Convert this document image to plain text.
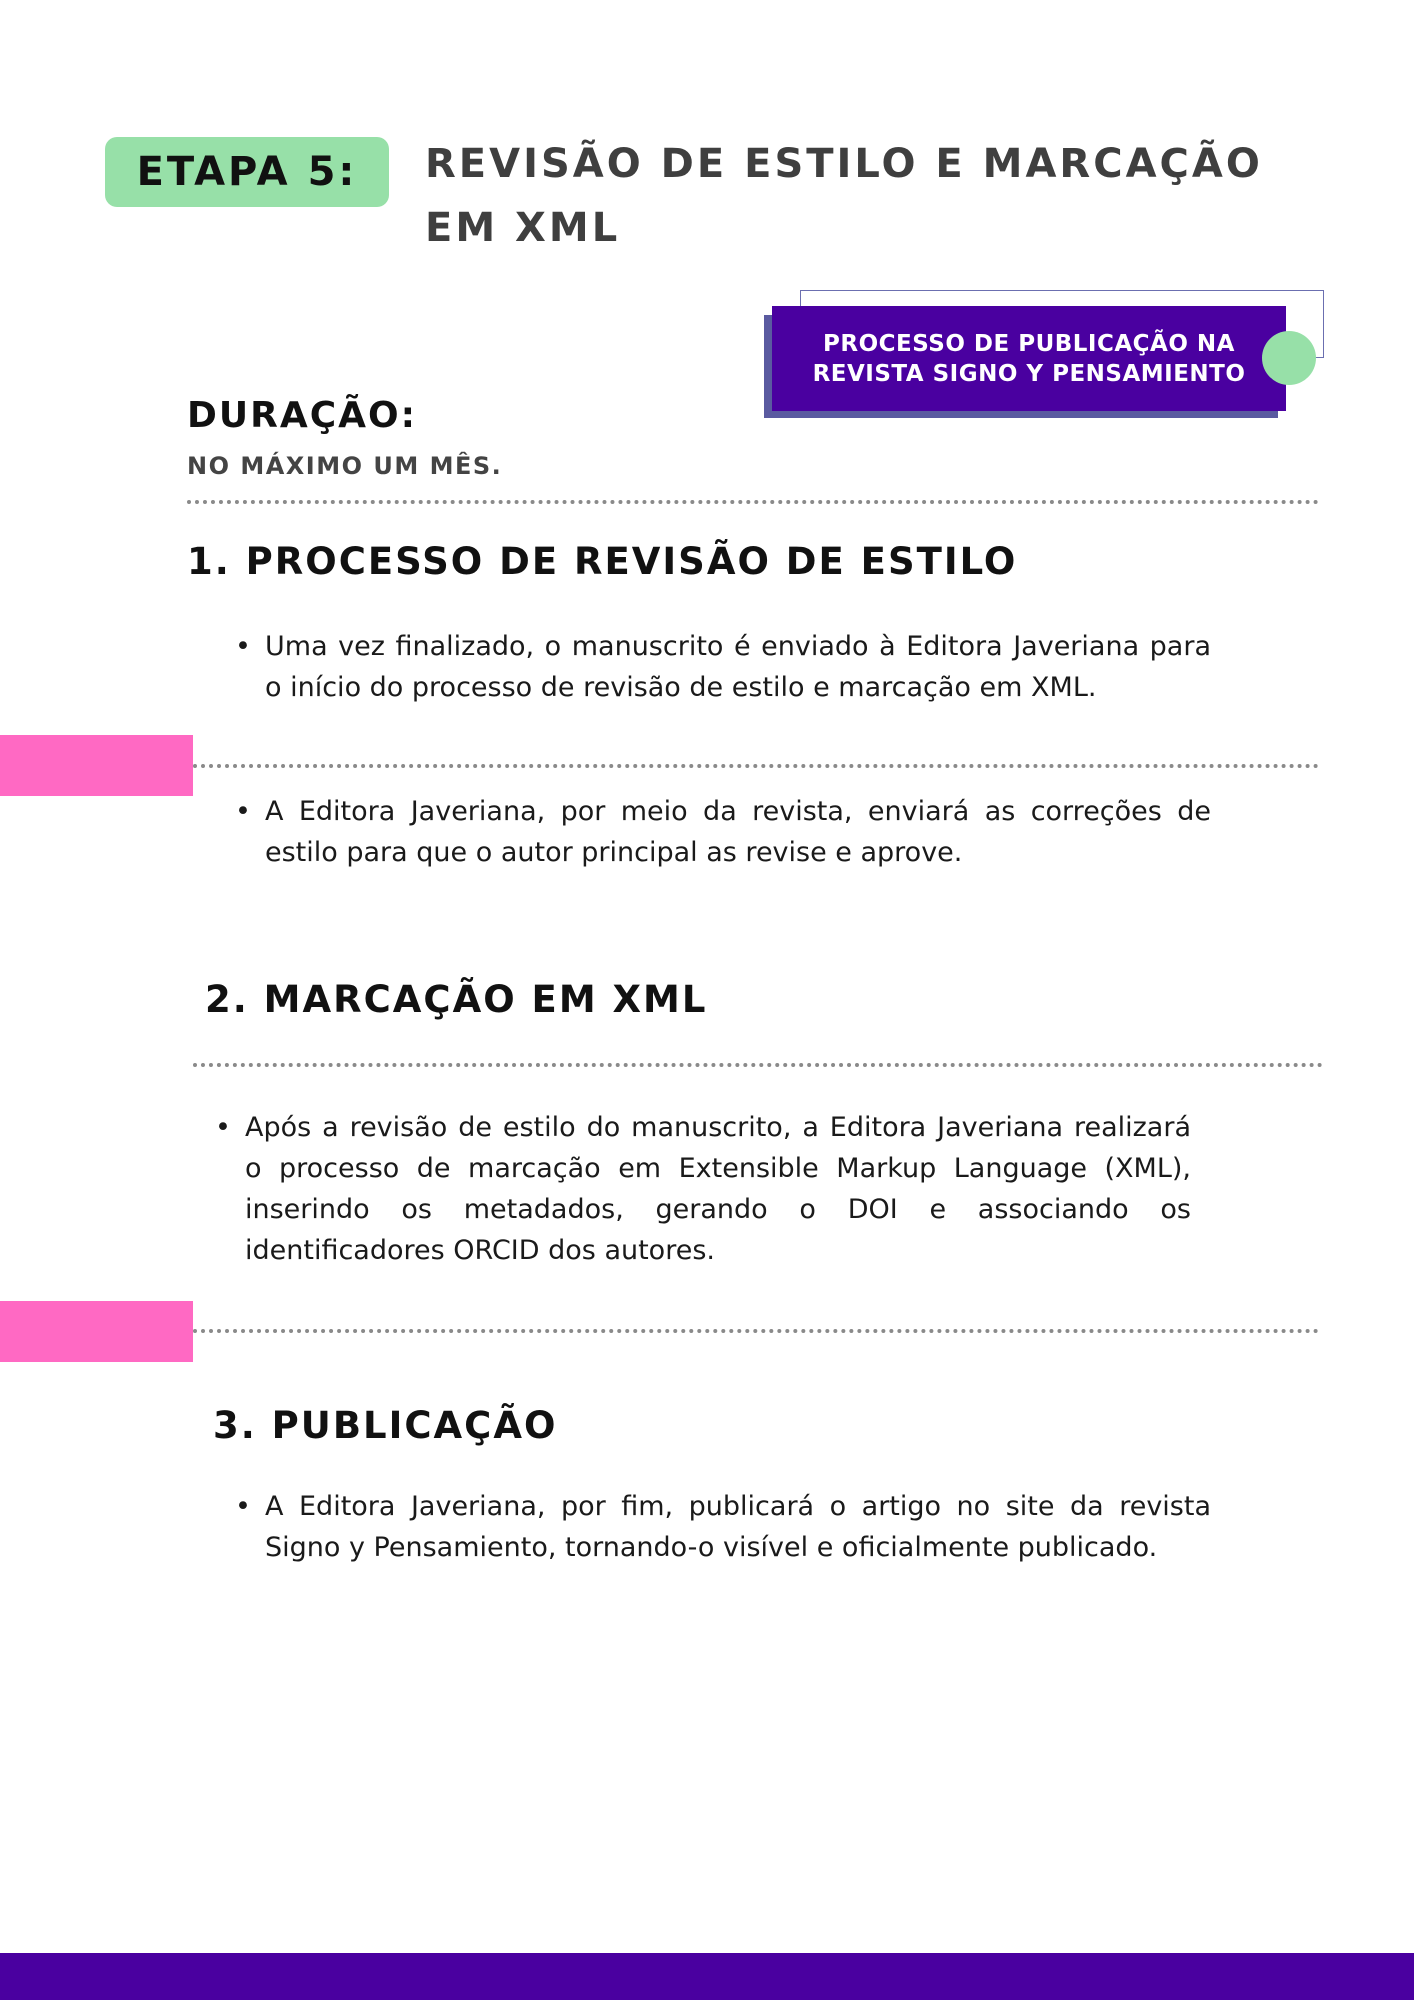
ETAPA 5:	REVISÃO DE ESTILO E MARCAÇÃO EM XML
PROCESSO DE PUBLICAÇÃO NA REVISTA SIGNO Y PENSAMIENTO
DURAÇÃO:
NO MÁXIMO UM MÊS.
1. PROCESSO DE REVISÃO DE ESTILO
• Uma vez finalizado, o manuscrito é enviado à Editora Javeriana para o início do processo de revisão de estilo e marcação em XML.
• A Editora Javeriana, por meio da revista, enviará as correções de estilo para que o autor principal as revise e aprove.
2. MARCAÇÃO EM XML
• Após a revisão de estilo do manuscrito, a Editora Javeriana realizará o processo de marcação em Extensible Markup Language (XML), inserindo os metadados, gerando o DOI e associando os identificadores ORCID dos autores.
3. PUBLICAÇÃO
• A Editora Javeriana, por fim, publicará o artigo no site da revista Signo y Pensamiento, tornando-o visível e oficialmente publicado.
